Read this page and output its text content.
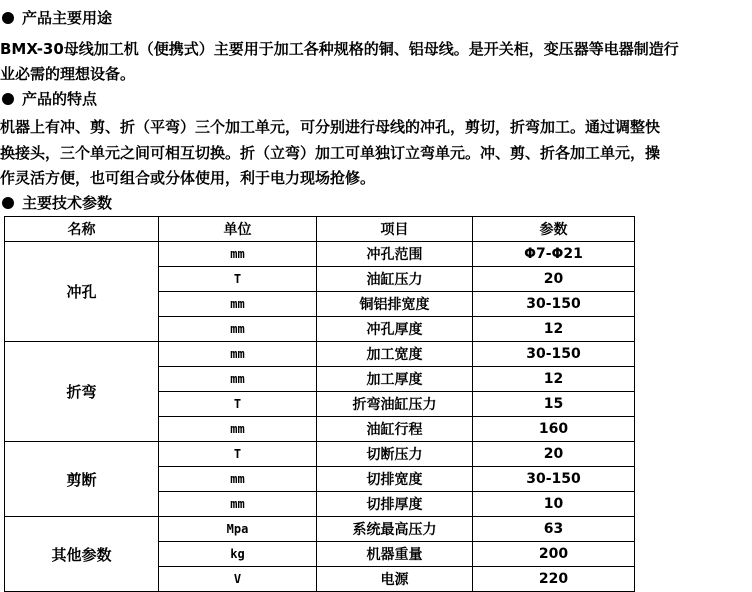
产品主要用途
BMX-30母线加工机（便携式）主要用于加工各种规格的铜、铝母线。是开关柜，变压器等电器制造行
业必需的理想设备。
产品的特点
机器上有冲、剪、折（平弯）三个加工单元，可分别进行母线的冲孔，剪切，折弯加工。通过调整快
换接头，三个单元之间可相互切换。折（立弯）加工可单独订立弯单元。冲、剪、折各加工单元，操
作灵活方便，也可组合或分体使用，利于电力现场抢修。
主要技术参数
名称	单位	项目	参数
冲孔	mm	冲孔范围	Φ7-Φ21
	T	油缸压力	20
	mm	铜铝排宽度	30-150
	mm	冲孔厚度	12
折弯	mm	加工宽度	30-150
	mm	加工厚度	12
	T	折弯油缸压力	15
	mm	油缸行程	160
剪断	T	切断压力	20
	mm	切排宽度	30-150
	mm	切排厚度	10
其他参数	Mpa	系统最高压力	63
	kg	机器重量	200
	V	电源	220
